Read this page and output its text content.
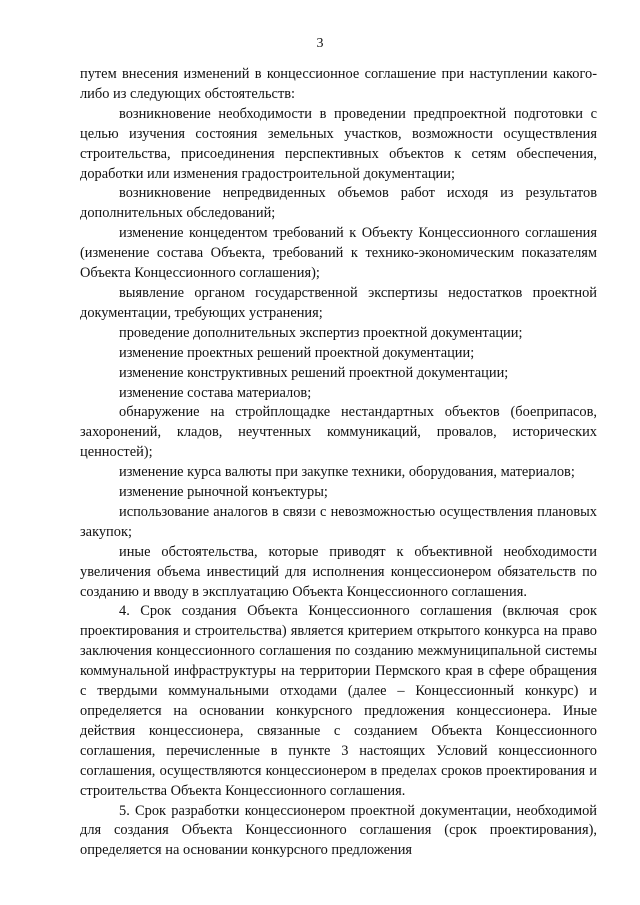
3

путем внесения изменений в концессионное соглашение при наступлении какого-либо из следующих обстоятельств:

возникновение необходимости в проведении предпроектной подготовки с целью изучения состояния земельных участков, возможности осуществления строительства, присоединения перспективных объектов к сетям обеспечения, доработки или изменения градостроительной документации;

возникновение непредвиденных объемов работ исходя из результатов дополнительных обследований;

изменение концедентом требований к Объекту Концессионного соглашения (изменение состава Объекта, требований к технико-экономическим показателям Объекта Концессионного соглашения);

выявление органом государственной экспертизы недостатков проектной документации, требующих устранения;

проведение дополнительных экспертиз проектной документации;

изменение проектных решений проектной документации;

изменение конструктивных решений проектной документации;

изменение состава материалов;

обнаружение на стройплощадке нестандартных объектов (боеприпасов, захоронений, кладов, неучтенных коммуникаций, провалов, исторических ценностей);

изменение курса валюты при закупке техники, оборудования, материалов;

изменение рыночной конъектуры;

использование аналогов в связи с невозможностью осуществления плановых закупок;

иные обстоятельства, которые приводят к объективной необходимости увеличения объема инвестиций для исполнения концессионером обязательств по созданию и вводу в эксплуатацию Объекта Концессионного соглашения.

4. Срок создания Объекта Концессионного соглашения (включая срок проектирования и строительства) является критерием открытого конкурса на право заключения концессионного соглашения по созданию межмуниципальной системы коммунальной инфраструктуры на территории Пермского края в сфере обращения с твердыми коммунальными отходами (далее – Концессионный конкурс) и определяется на основании конкурсного предложения концессионера. Иные действия концессионера, связанные с созданием Объекта Концессионного соглашения, перечисленные в пункте 3 настоящих Условий концессионного соглашения, осуществляются концессионером в пределах сроков проектирования и строительства Объекта Концессионного соглашения.

5. Срок разработки концессионером проектной документации, необходимой для создания Объекта Концессионного соглашения (срок проектирования), определяется на основании конкурсного предложения
